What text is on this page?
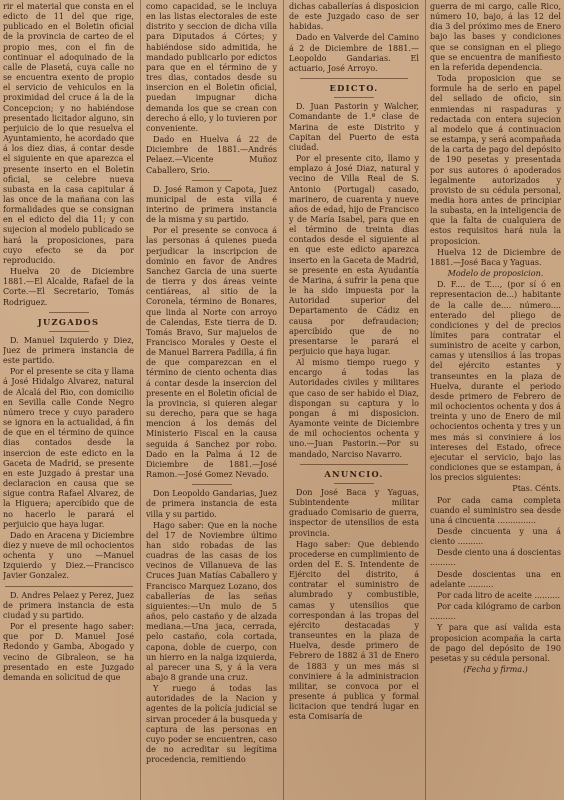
rir el material que consta en el edicto de 11 del que rige, publicado en el Boletin oficial de la provincia de carteo de el propio mes, con el fin de continuar el adoquinado de la calle de Plasetá, cuya calle no se encuentra exento de propio el servicio de vehiculos en la proximidad del cruce á la de la Concepcion; y no habiéndose presentado licitador alguno, sin perjuicio de lo que resuelva el Ayuntamiento, he acordado que á los diez dias, á contar desde el siguiente en que aparezca el presente inserto en el Boletin oficial, se celebre nueva subasta en la casa capitular á las once de la mañana con las formalidades que se consignan en el edicto del dia 11; y con sujecion al modelo publicado se hará la proposiciones, para cuyo efecto se da por reproducido.

Huelva 20 de Diciembre 1881.—El Alcalde, Rafael de la Corte.—El Secretario, Tomás Rodriguez.

JUZGADOS

D. Manuel Izquierdo y Diez, Juez de primera instancia de este partido.

Por el presente se cita y llama á José Hidalgo Alvarez, natural de Alcalá del Rio, con domicilio en Sevilla calle Conde Negro número trece y cuyo paradero se ignora en la actualidad, á fin de que en el término de quince dias contados desde la insercion de este edicto en la Gaceta de Madrid, se presente en este Juzgado á prestar una declaracion en causa que se sigue contra Rafael Alvarez, de la Higuera; apercibido que de no hacerlo le parará el perjuicio que haya lugar.

Dado en Aracena y Diciembre diez y nueve de mil ochocientos ochenta y uno —Manuel Izquierdo y Diez.—Francisco Javier Gonzalez.

D. Andres Pelaez y Perez, Juez de primera instancia de esta ciudad y su partido.

Por el presente hago saber: que por D. Manuel José Redondo y Gamba, Abogado y vecino de Gibraleon, se ha presentado en este Juzgado demanda en solicitud de que

como capacidad, se le incluya en las listas electorales de este distrito y seccion de dicha villa para Diputados á Córtes; y habiéndose sido admitida, he mandado publicarlo por edictos para que en el término de y tres dias, contados desde su insercion en el Boletin oficial, puedan impugnar dicha demanda los que se crean con derecho á ello, y lo tuvieren por conveniente.

Dado en Huelva á 22 de Diciembre de 1881.—Andrés Pelaez.—Vicente Muñoz Caballero, Srio.

D. José Ramon y Capota, Juez municipal de esta villa é interino de primera instancia de la misma y su partido.

Por el presente se convoca á las personas á quienes pueda perjudicar la inscripcion de dominio en favor de Andres Sanchez Garcia de una suerte de tierra y dos áreas veinte centiáreas, al sitio de la Coronela, término de Bonares, que linda al Norte con arroyo de Calendas, Este tierra de D. Tomás Bravo, Sur majuelos de Francisco Morales y Oeste el de Manuel Barrera Padilla, á fin de que comparezcan en el término de ciento ochenta dias á contar desde la insercion del presente en el Boletin oficial de la provincia, si quieren alegar su derecho, para que se haga mencion á los demás del Ministerio Fiscal en la causa seguida á Sanchez por robo. Dado en la Palma á 12 de Diciembre de 1881.—José Ramon.—José Gomez Nevado.

Don Leopoldo Gandarias, Juez de primera instancia de esta villa y su partido.

Hago saber: Que en la noche del 17 de Noviembre último han sido robadas de las cuadras de las casas de los vecinos de Villanueva de las Cruces Juan Matías Caballero y Francisco Marquez Lozano, dos caballerías de las señas siguientes:—Un mulo de 5 años, pelo castaño y de alzada mediana.—Una jaca, cerrada, pelo castaño, cola cortada, capona, doble de cuerpo, con un hierro en la nalga izquierda, al parecer una S, y á la vera abajo 8 grande una cruz.

Y ruego á todas las autoridades de la Nacion y agentes de la policía judicial se sirvan proceder á la busqueda y captura de las personas en cuyo poder se encuentren, caso de no acreditar su legítima procedencia, remitiendo

dichas caballerías á disposicion de este Juzgado caso de ser habidas.

Dado en Valverde del Camino á 2 de Diciembre de 1881.—Leopoldo Gandarias. El actuario, José Arroyo.

EDICTO.

D. Juan Pastorin y Walcher, Comandante de 1.ª clase de Marina de este Distrito y Capitan del Puerto de esta ciudad.

Por el presente cito, llamo y emplazo á José Diaz, natural y vecino de Villa Real de S. Antonio (Portugal) casado, marinero, de cuarenta y nueve años de edad, hijo de Francisco y de María Isabel, para que en el término de treinta dias contados desde el siguiente al en que este edicto aparezca inserto en la Gaceta de Madrid, se presente en esta Ayudantía de Marina, á sufrir la pena que le ha sido impuesta por la Autoridad superior del Departamento de Cádiz en causa por defraudacion; apercibido que de no presentarse le parará el perjuicio que haya lugar.

Al mismo tiempo ruego y encargo á todas las Autoridades civiles y militares que caso de ser habido el Diaz, dispongan su captura y lo pongan á mi disposicion. Ayamonte veinte de Diciembre de mil ochocientos ochenta y uno.—Juan Pastorin.—Por su mandado, Narciso Navarro.

ANUNCIO.

Don José Baca y Yaguas, Subintendente militar graduado Comisario de guerra, inspector de utensilios de esta provincia.

Hago saber: Que debiendo procederse en cumplimiento de orden del E. S. Intendente de Ejército del distrito, á contratar el suministro de alumbrado y combustible, camas y utensilios que correspondan á las tropas del ejército destacadas y transeuntes en la plaza de Huelva, desde primero de Febrero de 1882 á 31 de Enero de 1883 y un mes más si conviniere á la administracion militar, se convoca por el presente á publica y formal licitacion que tendrá lugar en esta Comisaría de

guerra de mi cargo, calle Rico, número 10, bajo, á las 12 del dia 3 del próximo mes de Enero bajo las bases y condiciones que se consignan en el pliego que se encuentra de manifiesto en la referida dependencia.

Toda proposicion que se formule ha de serlo en papel del sellado de oficio, sin enmiendas ni raspaduras y redactada con entera sujecion al modelo que á continuacion se estampa, y será acompañada de la carta de pago del depósito de 190 pesetas y presentada por sus autores ó apoderados legalmente autorizados y provisto de su cédula personal, media hora antes de principiar la subasta, en la inteligencia de que la falta de cualquiera de estos requisitos hará nula la proposicion.

Huelva 12 de Diciembre de 1881.—José Baca y Yaguas.

Modelo de proposicion.

D. F.... de T...., (por sí ó en representacion de...) habitante de la calle de.... número.... enterado del pliego de condiciones y del de precios límites para contratar el suministro de aceite y carbon, camas y utensilios á las tropas del ejército estantes y transeuntes en la plaza de Huelva, durante el periodo desde primero de Febrero de mil ochocientos ochenta y dos á treinta y uno de Enero de mil ochocientos ochenta y tres y un mes más si conviniere á los intereses del Estado, ofrece ejecutar el servicio, bajo las condiciones que se estampan, á los precios siguientes:

Ptas. Cénts.

Por cada cama completa cuando el suministro sea desde una á cincuenta ...............

Desde cincuenta y una á ciento ..........

Desde ciento una á doscientas ..........

Desde doscientas una en adelante ..........

Por cada litro de aceite ..........

Por cada kilógramo de carbon ..........

Y para que así valida esta proposicion acompaña la carta de pago del depósito de 190 pesetas y su cédula personal.

(Fecha y firma.)
